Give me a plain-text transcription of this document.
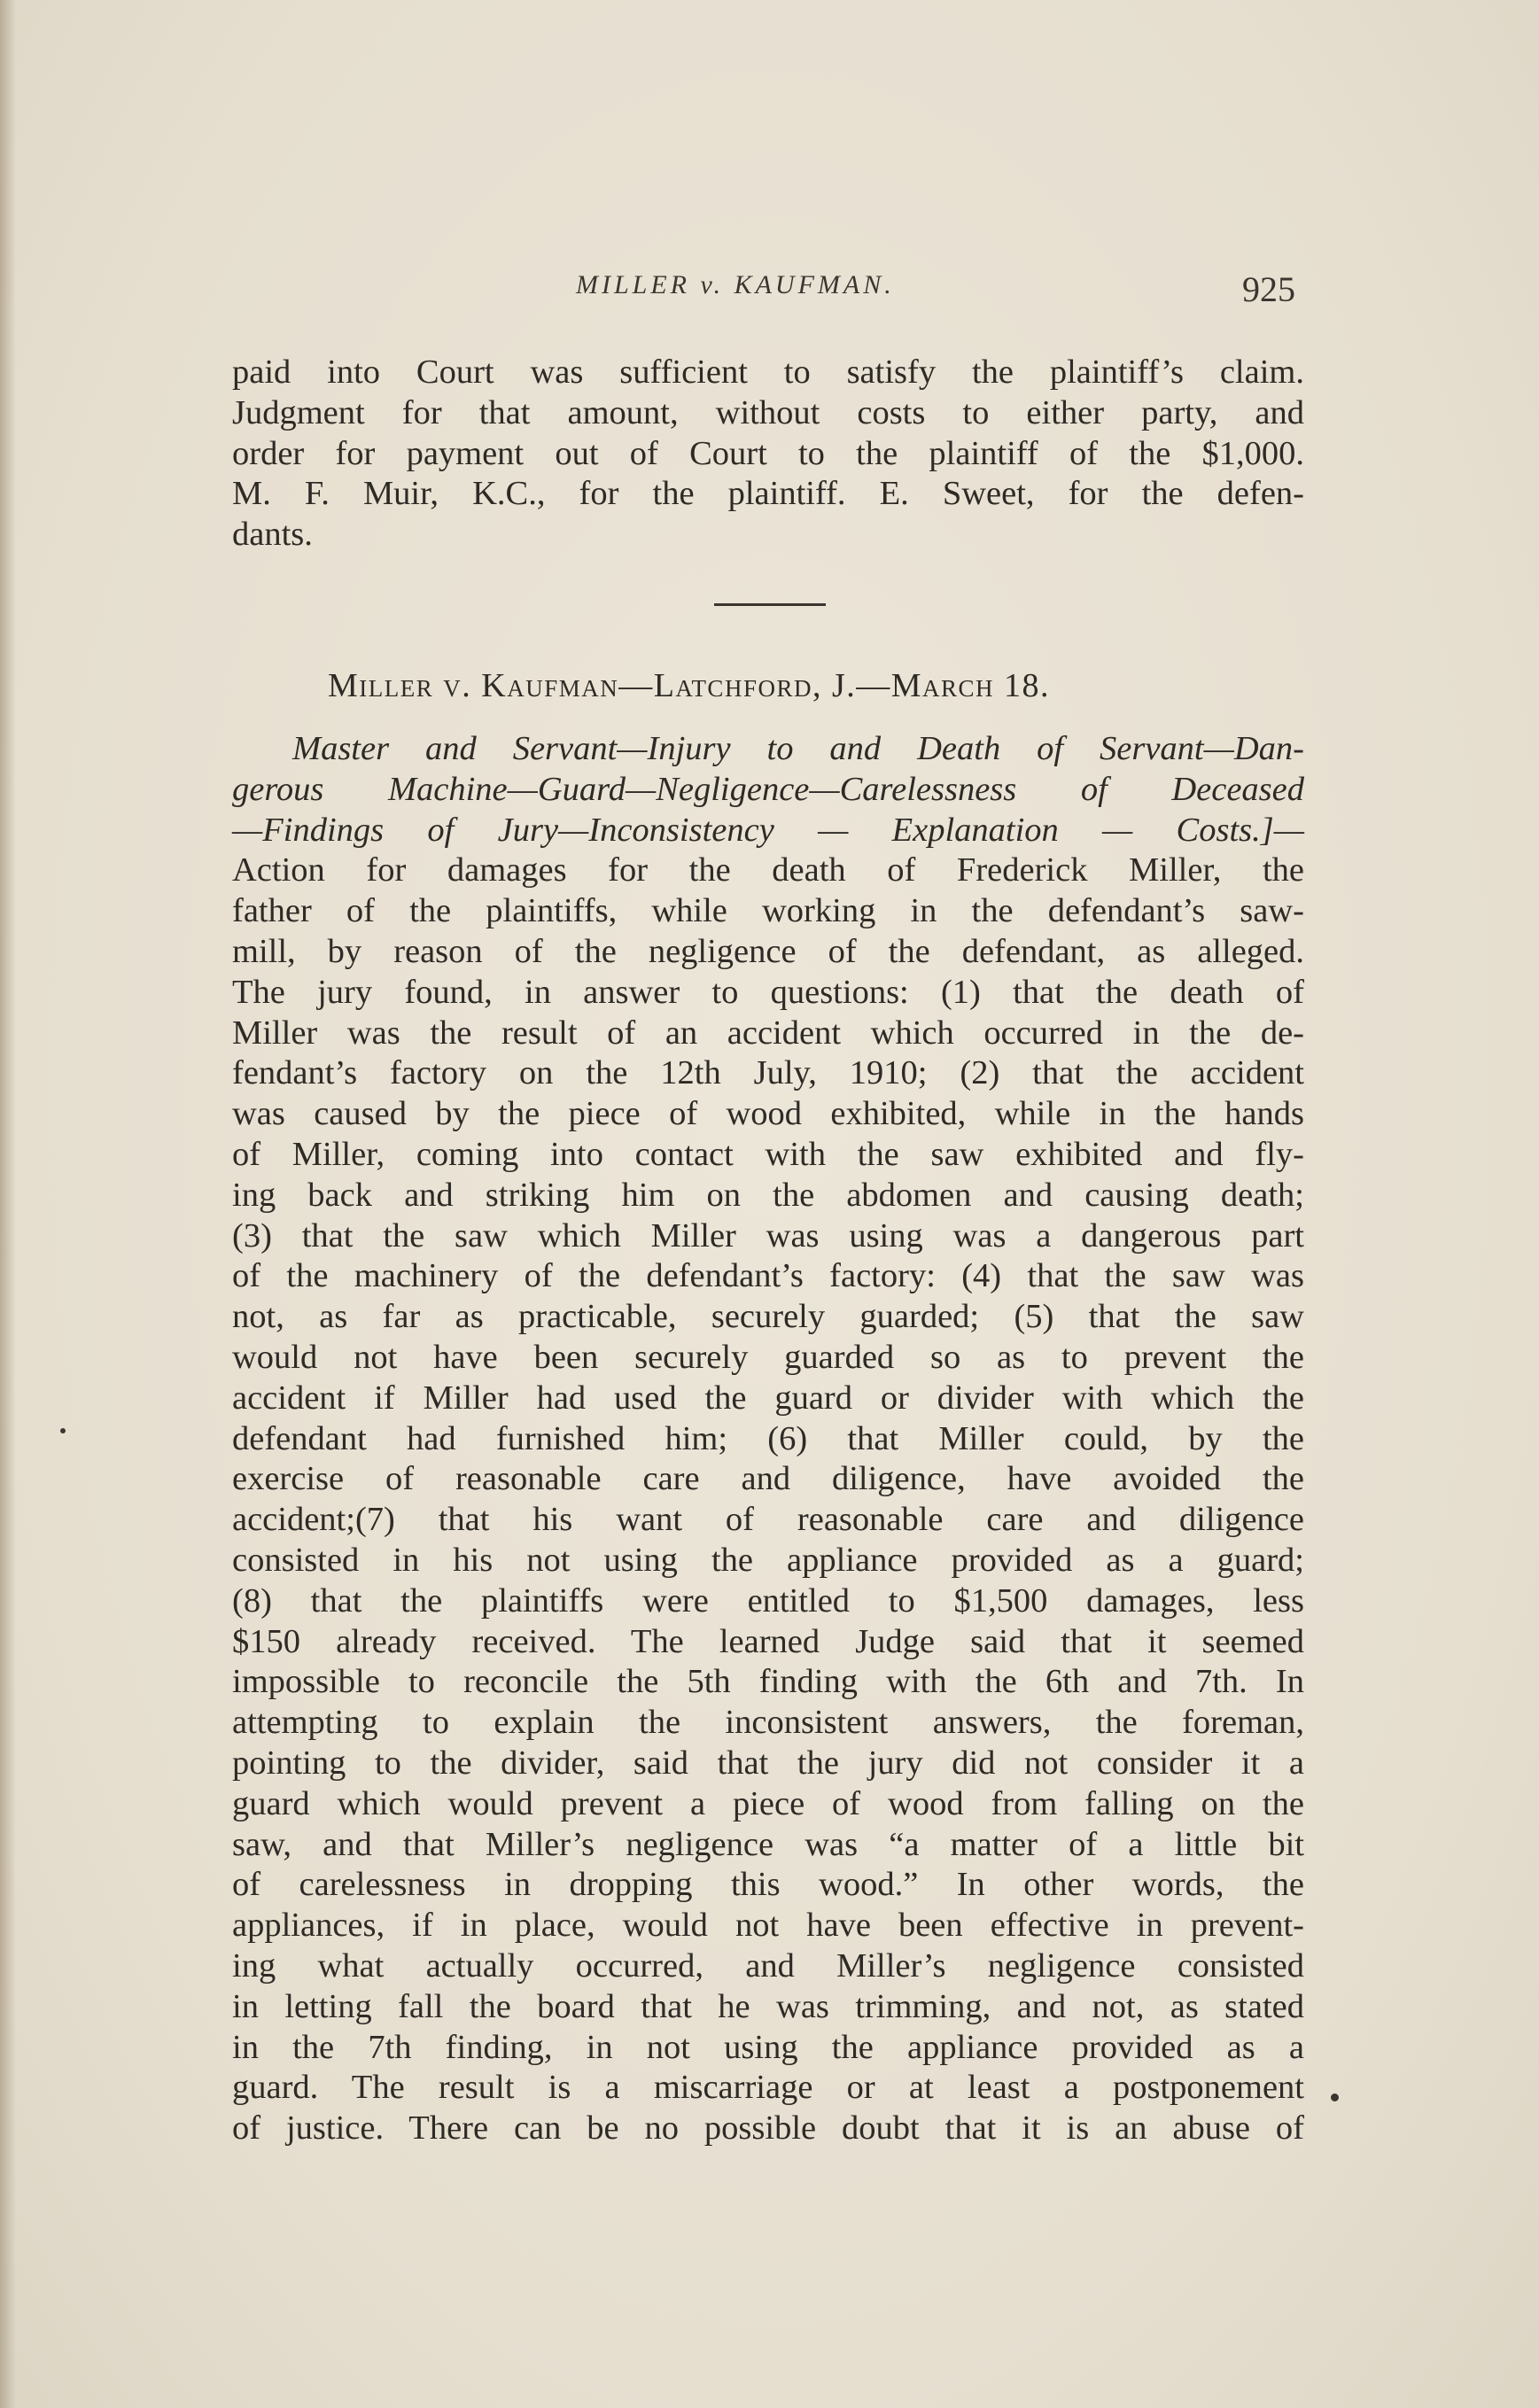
MILLER v. KAUFMAN.	925
paid into Court was sufficient to satisfy the plaintiff’s claim.
Judgment for that amount, without costs to either party, and
order for payment out of Court to the plaintiff of the $1,000.
M. F. Muir, K.C., for the plaintiff. E. Sweet, for the defen-
dants.
Miller v. Kaufman—Latchford, J.—March 18.
Master and Servant—Injury to and Death of Servant—Dan-
gerous Machine—Guard—Negligence—Carelessness of Deceased
—Findings of Jury—Inconsistency — Explanation — Costs.]—
Action for damages for the death of Frederick Miller, the
father of the plaintiffs, while working in the defendant’s saw-
mill, by reason of the negligence of the defendant, as alleged.
The jury found, in answer to questions: (1) that the death of
Miller was the result of an accident which occurred in the de-
fendant’s factory on the 12th July, 1910; (2) that the accident
was caused by the piece of wood exhibited, while in the hands
of Miller, coming into contact with the saw exhibited and fly-
ing back and striking him on the abdomen and causing death;
(3) that the saw which Miller was using was a dangerous part
of the machinery of the defendant’s factory: (4) that the saw was
not, as far as practicable, securely guarded; (5) that the saw
would not have been securely guarded so as to prevent the
accident if Miller had used the guard or divider with which the
defendant had furnished him; (6) that Miller could, by the
exercise of reasonable care and diligence, have avoided the
accident;(7) that his want of reasonable care and diligence
consisted in his not using the appliance provided as a guard;
(8) that the plaintiffs were entitled to $1,500 damages, less
$150 already received. The learned Judge said that it seemed
impossible to reconcile the 5th finding with the 6th and 7th. In
attempting to explain the inconsistent answers, the foreman,
pointing to the divider, said that the jury did not consider it a
guard which would prevent a piece of wood from falling on the
saw, and that Miller’s negligence was “a matter of a little bit
of carelessness in dropping this wood.” In other words, the
appliances, if in place, would not have been effective in prevent-
ing what actually occurred, and Miller’s negligence consisted
in letting fall the board that he was trimming, and not, as stated
in the 7th finding, in not using the appliance provided as a
guard. The result is a miscarriage or at least a postponement
of justice. There can be no possible doubt that it is an abuse of
